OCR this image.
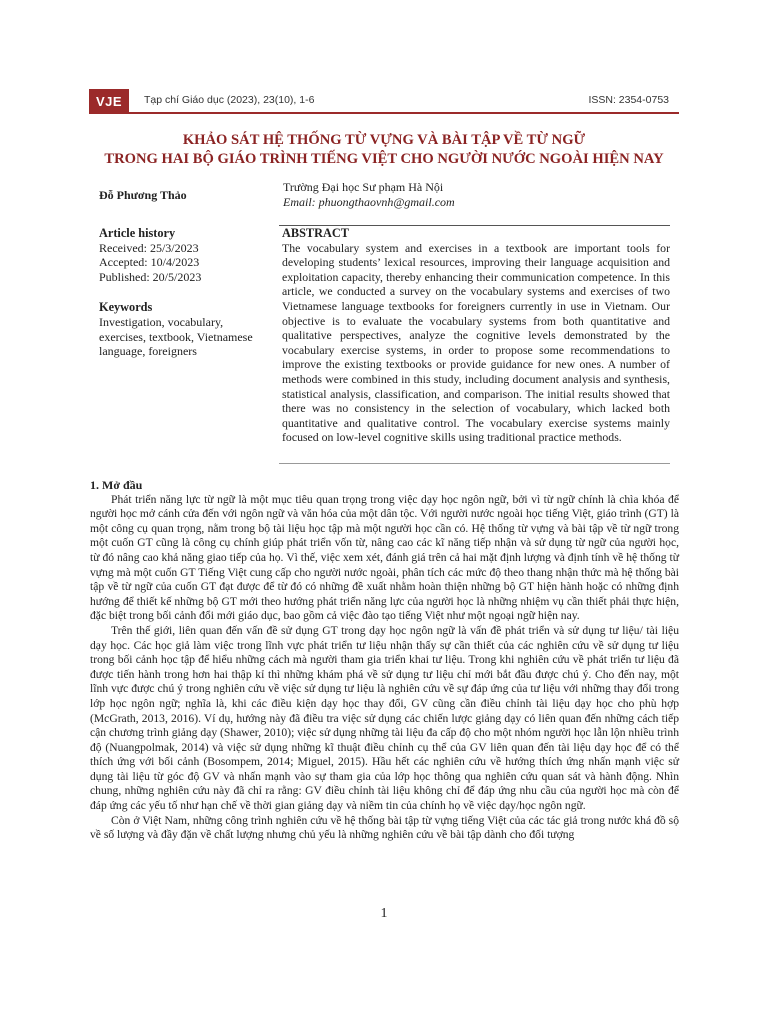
VJE	Tạp chí Giáo dục (2023), 23(10), 1-6	ISSN: 2354-0753
KHẢO SÁT HỆ THỐNG TỪ VỰNG VÀ BÀI TẬP VỀ TỪ NGỮ
TRONG HAI BỘ GIÁO TRÌNH TIẾNG VIỆT CHO NGƯỜI NƯỚC NGOÀI HIỆN NAY
Đỗ Phương Thảo
Trường Đại học Sư phạm Hà Nội
Email: phuongthaovnh@gmail.com
Article history
Received: 25/3/2023
Accepted: 10/4/2023
Published: 20/5/2023
Keywords
Investigation, vocabulary, exercises, textbook, Vietnamese language, foreigners
ABSTRACT
The vocabulary system and exercises in a textbook are important tools for developing students’ lexical resources, improving their language acquisition and exploitation capacity, thereby enhancing their communication competence. In this article, we conducted a survey on the vocabulary systems and exercises of two Vietnamese language textbooks for foreigners currently in use in Vietnam. Our objective is to evaluate the vocabulary systems from both quantitative and qualitative perspectives, analyze the cognitive levels demonstrated by the vocabulary exercise systems, in order to propose some recommendations to improve the existing textbooks or provide guidance for new ones. A number of methods were combined in this study, including document analysis and synthesis, statistical analysis, classification, and comparison. The initial results showed that there was no consistency in the selection of vocabulary, which lacked both quantitative and qualitative control. The vocabulary exercise systems mainly focused on low-level cognitive skills using traditional practice methods.
1. Mở đầu

Phát triển năng lực từ ngữ là một mục tiêu quan trọng trong việc dạy học ngôn ngữ, bởi vì từ ngữ chính là chìa khóa để người học mở cánh cửa đến với ngôn ngữ và văn hóa của một dân tộc. Với người nước ngoài học tiếng Việt, giáo trình (GT) là một công cụ quan trọng, nằm trong bộ tài liệu học tập mà một người học cần có. Hệ thống từ vựng và bài tập về từ ngữ trong một cuốn GT cũng là công cụ chính giúp phát triển vốn từ, nâng cao các kĩ năng tiếp nhận và sử dụng từ ngữ của người học, từ đó nâng cao khả năng giao tiếp của họ. Vì thế, việc xem xét, đánh giá trên cả hai mặt định lượng và định tính về hệ thống từ vựng mà một cuốn GT Tiếng Việt cung cấp cho người nước ngoài, phân tích các mức độ theo thang nhận thức mà hệ thống bài tập về từ ngữ của cuốn GT đạt được để từ đó có những đề xuất nhằm hoàn thiện những bộ GT hiện hành hoặc có những định hướng để thiết kế những bộ GT mới theo hướng phát triển năng lực của người học là những nhiệm vụ cần thiết phải thực hiện, đặc biệt trong bối cảnh đổi mới giáo dục, bao gồm cả việc đào tạo tiếng Việt như một ngoại ngữ hiện nay.

Trên thế giới, liên quan đến vấn đề sử dụng GT trong dạy học ngôn ngữ là vấn đề phát triển và sử dụng tư liệu/ tài liệu dạy học. Các học giả làm việc trong lĩnh vực phát triển tư liệu nhận thấy sự cần thiết của các nghiên cứu về sử dụng tư liệu trong bối cảnh học tập để hiểu những cách mà người tham gia triển khai tư liệu. Trong khi nghiên cứu về phát triển tư liệu đã được tiến hành trong hơn hai thập kỉ thì những khám phá về sử dụng tư liệu chỉ mới bắt đầu được chú ý. Cho đến nay, một lĩnh vực được chú ý trong nghiên cứu về việc sử dụng tư liệu là nghiên cứu về sự đáp ứng của tư liệu với những thay đổi trong lớp học ngôn ngữ; nghĩa là, khi các điều kiện dạy học thay đổi, GV cũng cần điều chỉnh tài liệu dạy học cho phù hợp (McGrath, 2013, 2016). Ví dụ, hướng này đã điều tra việc sử dụng các chiến lược giảng dạy có liên quan đến những cách tiếp cận chương trình giảng dạy (Shawer, 2010); việc sử dụng những tài liệu đa cấp độ cho một nhóm người học lẫn lộn nhiều trình độ (Nuangpolmak, 2014) và việc sử dụng những kĩ thuật điều chỉnh cụ thể của GV liên quan đến tài liệu dạy học để có thể thích ứng với bối cảnh (Bosompem, 2014; Miguel, 2015). Hầu hết các nghiên cứu về hướng thích ứng nhấn mạnh việc sử dụng tài liệu từ góc độ GV và nhấn mạnh vào sự tham gia của lớp học thông qua nghiên cứu quan sát và hành động. Nhìn chung, những nghiên cứu này đã chỉ ra rằng: GV điều chỉnh tài liệu không chỉ để đáp ứng nhu cầu của người học mà còn để đáp ứng các yếu tố như hạn chế về thời gian giảng dạy và niềm tin của chính họ về việc dạy/học ngôn ngữ.

Còn ở Việt Nam, những công trình nghiên cứu về hệ thống bài tập từ vựng tiếng Việt của các tác giả trong nước khá đồ sộ về số lượng và đầy đặn về chất lượng nhưng chủ yếu là những nghiên cứu về bài tập dành cho đối tượng

1
